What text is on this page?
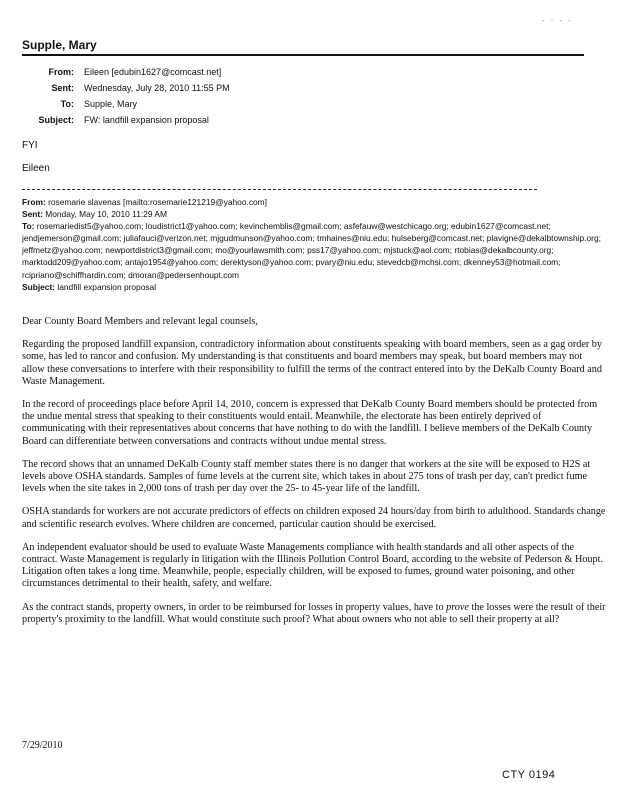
. . . .
Supple, Mary
From:	Eileen [edubin1627@comcast.net]
Sent:	Wednesday, July 28, 2010 11:55 PM
To:	Supple, Mary
Subject:	FW: landfill expansion proposal
FYI
Eileen
From: rosemarie slavenas [mailto:rosemarie121219@yahoo.com]
Sent: Monday, May 10, 2010 11:29 AM
To: rosemariedist5@yahoo.com; loudistrict1@yahoo.com; kevinchemblis@gmail.com; asfefauw@westchicago.org; edubin1627@comcast.net; jendjemerson@gmail.com; juliafauci@verizon.net; mjgudmunson@yahoo.com; tmhaines@niu.edu; hulseberg@comcast.net; plavigne@dekalbtownship.org; jeffmetz@yahoo.com; newportdistrict3@gmail.com; mo@yourlawsmith.com; pss17@yahoo.com; mjstuck@aol.com; rtobias@dekalbcounty.org; marktodd209@yahoo.com; antajo1954@yahoo.com; derektyson@yahoo.com; pvary@niu.edu; stevedcb@mchsi.com; dkenney53@hotmail.com; rcipriano@schiffhardin.com; dmoran@pedersenhoupt.com
Subject: landfill expansion proposal

Dear County Board Members and relevant legal counsels,

Regarding the proposed landfill expansion, contradictory information about constituents speaking with board members, seen as a gag order by some, has led to rancor and confusion. My understanding is that constituents and board members may speak, but board members may not allow these conversations to interfere with their responsibility to fulfill the terms of the contract entered into by the DeKalb County Board and Waste Management.

In the record of proceedings place before April 14, 2010, concern is expressed that DeKalb County Board members should be protected from the undue mental stress that speaking to their constituents would entail. Meanwhile, the electorate has been entirely deprived of communicating with their representatives about concerns that have nothing to do with the landfill. I believe members of the DeKalb County Board can differentiate between conversations and contracts without undue mental stress.

The record shows that an unnamed DeKalb County staff member states there is no danger that workers at the site will be exposed to H2S at levels above OSHA standards. Samples of fume levels at the current site, which takes in about 275 tons of trash per day, can't predict fume levels when the site takes in 2,000 tons of trash per day over the 25- to 45-year life of the landfill.

OSHA standards for workers are not accurate predictors of effects on children exposed 24 hours/day from birth to adulthood. Standards change and scientific research evolves. Where children are concerned, particular caution should be exercised.

An independent evaluator should be used to evaluate Waste Managements compliance with health standards and all other aspects of the contract. Waste Management is regularly in litigation with the Illinois Pollution Control Board, according to the website of Pederson & Houpt. Litigation often takes a long time. Meanwhile, people, especially children, will be exposed to fumes, ground water poisoning, and other circumstances detrimental to their health, safety, and welfare.

As the contract stands, property owners, in order to be reimbursed for losses in property values, have to prove the losses were the result of their property's proximity to the landfill. What would constitute such proof? What about owners who not able to sell their property at all?

7/29/2010
CTY 0194
